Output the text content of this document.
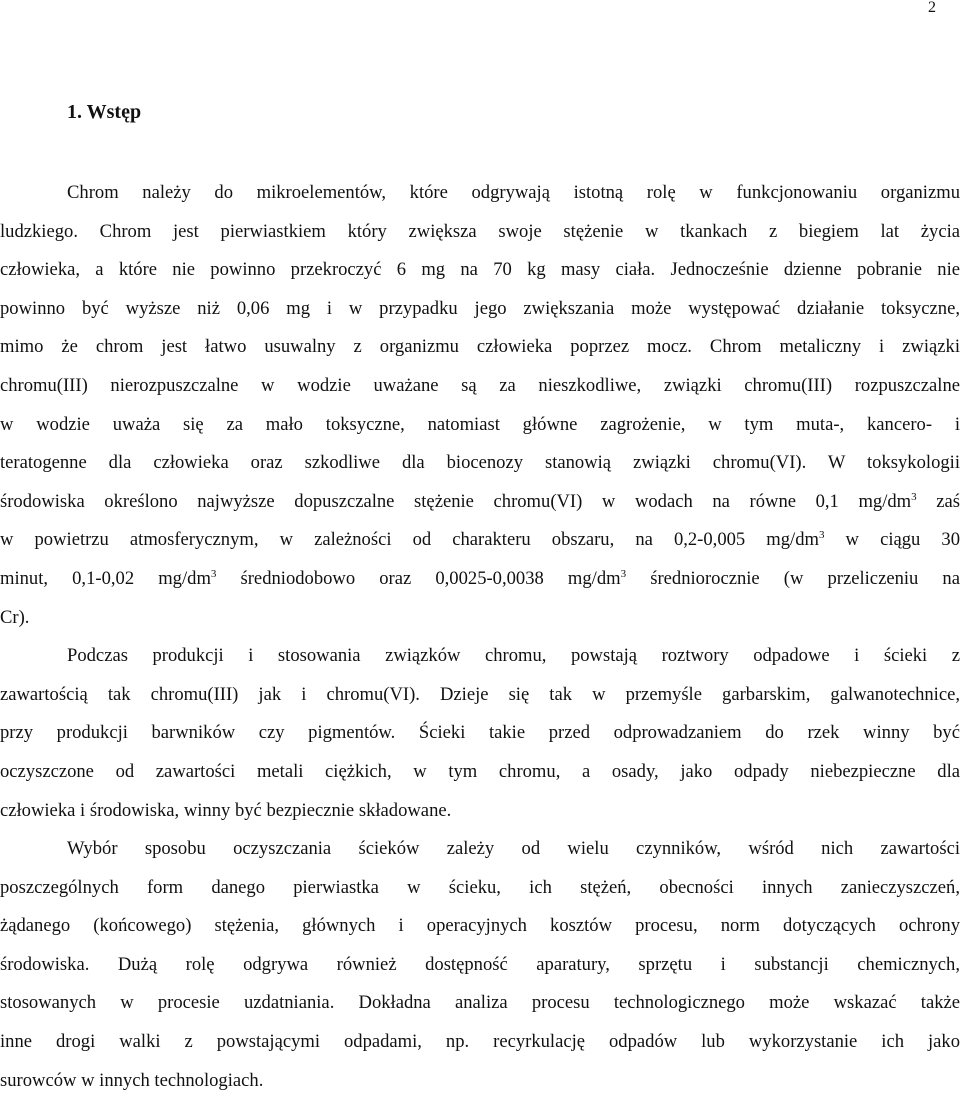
2
1. Wstęp

Chrom należy do mikroelementów, które odgrywają istotną rolę w funkcjonowaniu organizmu
ludzkiego. Chrom jest pierwiastkiem który zwiększa swoje stężenie w tkankach z biegiem lat życia
człowieka, a które nie powinno przekroczyć 6 mg na 70 kg masy ciała. Jednocześnie dzienne pobranie nie
powinno być wyższe niż 0,06 mg i w przypadku jego zwiększania może występować działanie toksyczne,
mimo że chrom jest łatwo usuwalny z organizmu człowieka poprzez mocz. Chrom metaliczny i związki
chromu(III) nierozpuszczalne w wodzie uważane są za nieszkodliwe, związki chromu(III) rozpuszczalne
w wodzie uważa się za mało toksyczne, natomiast główne zagrożenie, w tym muta-, kancero- i
teratogenne dla człowieka oraz szkodliwe dla biocenozy stanowią związki chromu(VI). W toksykologii
środowiska określono najwyższe dopuszczalne stężenie chromu(VI) w wodach na równe 0,1 $mg/dm^3$ zaś
w powietrzu atmosferycznym, w zależności od charakteru obszaru, na 0,2-0,005 $mg/dm^3$ w ciągu 30
minut, 0,1-0,02 $mg/dm^3$ średniodobowo oraz 0,0025-0,0038 $mg/dm^3$ średniorocznie (w przeliczeniu na
Cr).

Podczas produkcji i stosowania związków chromu, powstają roztwory odpadowe i ścieki z
zawartością tak chromu(III) jak i chromu(VI). Dzieje się tak w przemyśle garbarskim, galwanotechnice,
przy produkcji barwników czy pigmentów. Ścieki takie przed odprowadzaniem do rzek winny być
oczyszczone od zawartości metali ciężkich, w tym chromu, a osady, jako odpady niebezpieczne dla
człowieka i środowiska, winny być bezpiecznie składowane.

Wybór sposobu oczyszczania ścieków zależy od wielu czynników, wśród nich zawartości
poszczególnych form danego pierwiastka w ścieku, ich stężeń, obecności innych zanieczyszczeń,
żądanego (końcowego) stężenia, głównych i operacyjnych kosztów procesu, norm dotyczących ochrony
środowiska. Dużą rolę odgrywa również dostępność aparatury, sprzętu i substancji chemicznych,
stosowanych w procesie uzdatniania. Dokładna analiza procesu technologicznego może wskazać także
inne drogi walki z powstającymi odpadami, np. recyrkulację odpadów lub wykorzystanie ich jako
surowców w innych technologiach.
